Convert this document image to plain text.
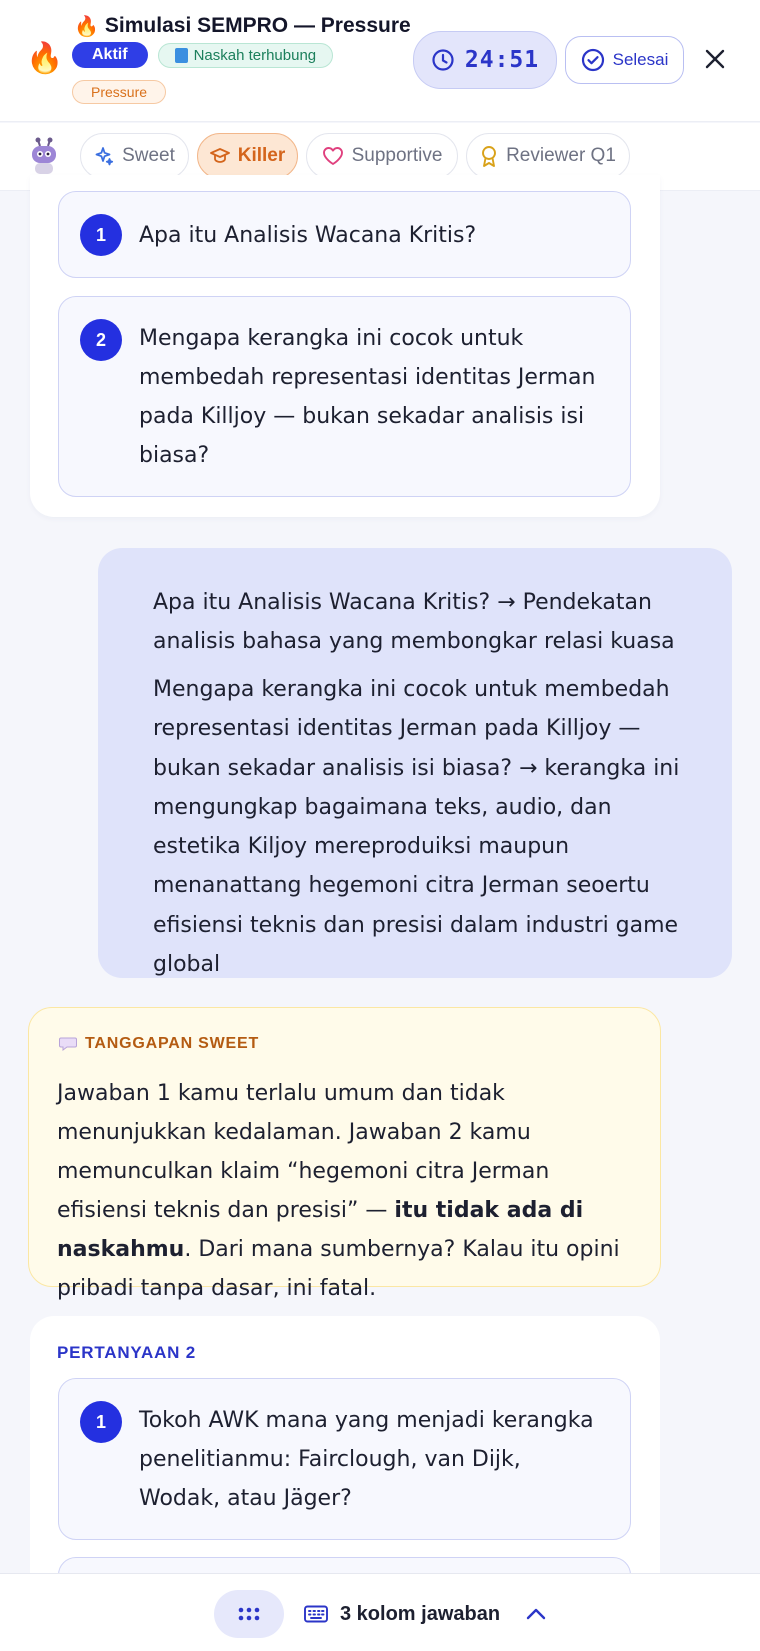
🔥
🔥 Simulasi SEMPRO — Pressure
Aktif	Naskah terhubung
Pressure
24:51	Selesai
Sweet	Killer	Supportive	Reviewer Q1
1	Apa itu Analisis Wacana Kritis?
2	Mengapa kerangka ini cocok untuk membedah representasi identitas Jerman pada Killjoy — bukan sekadar analisis isi biasa?
Apa itu Analisis Wacana Kritis? → Pendekatan analisis bahasa yang membongkar relasi kuasa
Mengapa kerangka ini cocok untuk membedah representasi identitas Jerman pada Killjoy — bukan sekadar analisis isi biasa? → kerangka ini mengungkap bagaimana teks, audio, dan estetika Kiljoy mereproduiksi maupun menanattang hegemoni citra Jerman seoertu efisiensi teknis dan presisi dalam industri game global
TANGGAPAN SWEET
Jawaban 1 kamu terlalu umum dan tidak menunjukkan kedalaman. Jawaban 2 kamu memunculkan klaim “hegemoni citra Jerman efisiensi teknis dan presisi” — itu tidak ada di naskahmu. Dari mana sumbernya? Kalau itu opini pribadi tanpa dasar, ini fatal.
PERTANYAAN 2
1	Tokoh AWK mana yang menjadi kerangka penelitianmu: Fairclough, van Dijk, Wodak, atau Jäger?
3 kolom jawaban
